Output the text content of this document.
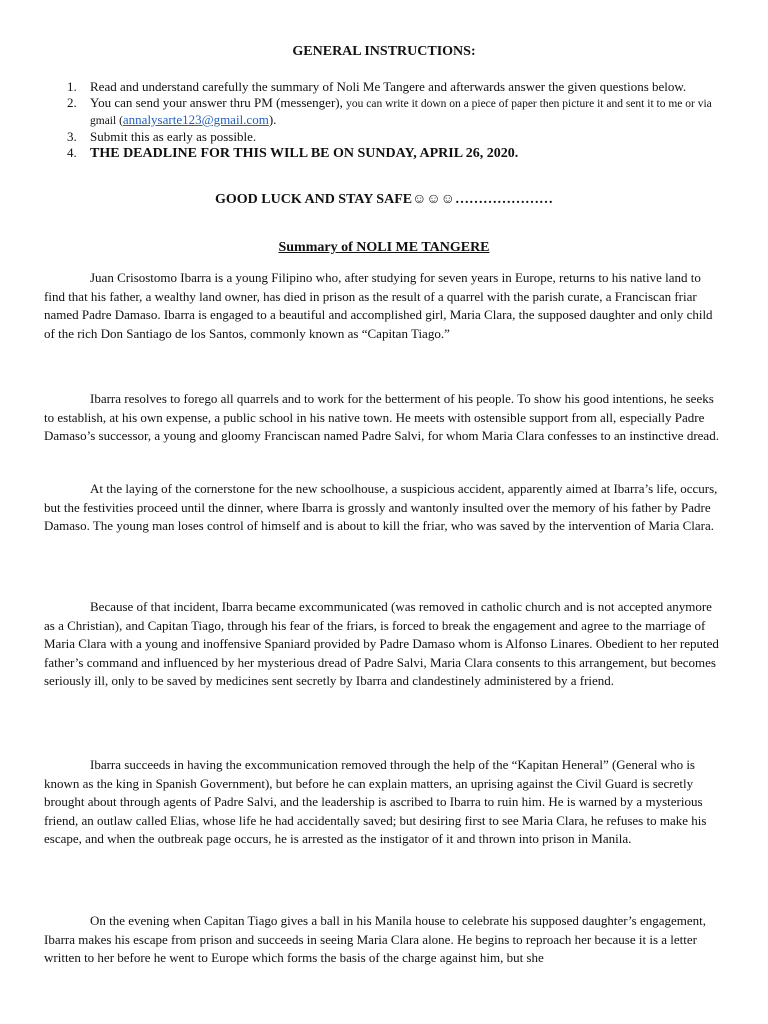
GENERAL INSTRUCTIONS:
1. Read and understand carefully the summary of Noli Me Tangere and afterwards answer the given questions below.
2. You can send your answer thru PM (messenger), you can write it down on a piece of paper then picture it and sent it to me or via gmail (annalysarte123@gmail.com).
3. Submit this as early as possible.
4. THE DEADLINE FOR THIS WILL BE ON SUNDAY, APRIL 26, 2020.
GOOD LUCK AND STAY SAFE☺☺☺…………………
Summary of NOLI ME TANGERE

Juan Crisostomo Ibarra is a young Filipino who, after studying for seven years in Europe, returns to his native land to find that his father, a wealthy land owner, has died in prison as the result of a quarrel with the parish curate, a Franciscan friar named Padre Damaso. Ibarra is engaged to a beautiful and accomplished girl, Maria Clara, the supposed daughter and only child of the rich Don Santiago de los Santos, commonly known as “Capitan Tiago.”

Ibarra resolves to forego all quarrels and to work for the betterment of his people. To show his good intentions, he seeks to establish, at his own expense, a public school in his native town. He meets with ostensible support from all, especially Padre Damaso’s successor, a young and gloomy Franciscan named Padre Salvi, for whom Maria Clara confesses to an instinctive dread.

At the laying of the cornerstone for the new schoolhouse, a suspicious accident, apparently aimed at Ibarra’s life, occurs, but the festivities proceed until the dinner, where Ibarra is grossly and wantonly insulted over the memory of his father by Padre Damaso. The young man loses control of himself and is about to kill the friar, who was saved by the intervention of Maria Clara.

Because of that incident, Ibarra became excommunicated (was removed in catholic church and is not accepted anymore as a Christian), and Capitan Tiago, through his fear of the friars, is forced to break the engagement and agree to the marriage of Maria Clara with a young and inoffensive Spaniard provided by Padre Damaso whom is Alfonso Linares. Obedient to her reputed father’s command and influenced by her mysterious dread of Padre Salvi, Maria Clara consents to this arrangement, but becomes seriously ill, only to be saved by medicines sent secretly by Ibarra and clandestinely administered by a friend.

Ibarra succeeds in having the excommunication removed through the help of the “Kapitan Heneral” (General who is known as the king in Spanish Government), but before he can explain matters, an uprising against the Civil Guard is secretly brought about through agents of Padre Salvi, and the leadership is ascribed to Ibarra to ruin him. He is warned by a mysterious friend, an outlaw called Elias, whose life he had accidentally saved; but desiring first to see Maria Clara, he refuses to make his escape, and when the outbreak page occurs, he is arrested as the instigator of it and thrown into prison in Manila.

On the evening when Capitan Tiago gives a ball in his Manila house to celebrate his supposed daughter’s engagement, Ibarra makes his escape from prison and succeeds in seeing Maria Clara alone. He begins to reproach her because it is a letter written to her before he went to Europe which forms the basis of the charge against him, but she
